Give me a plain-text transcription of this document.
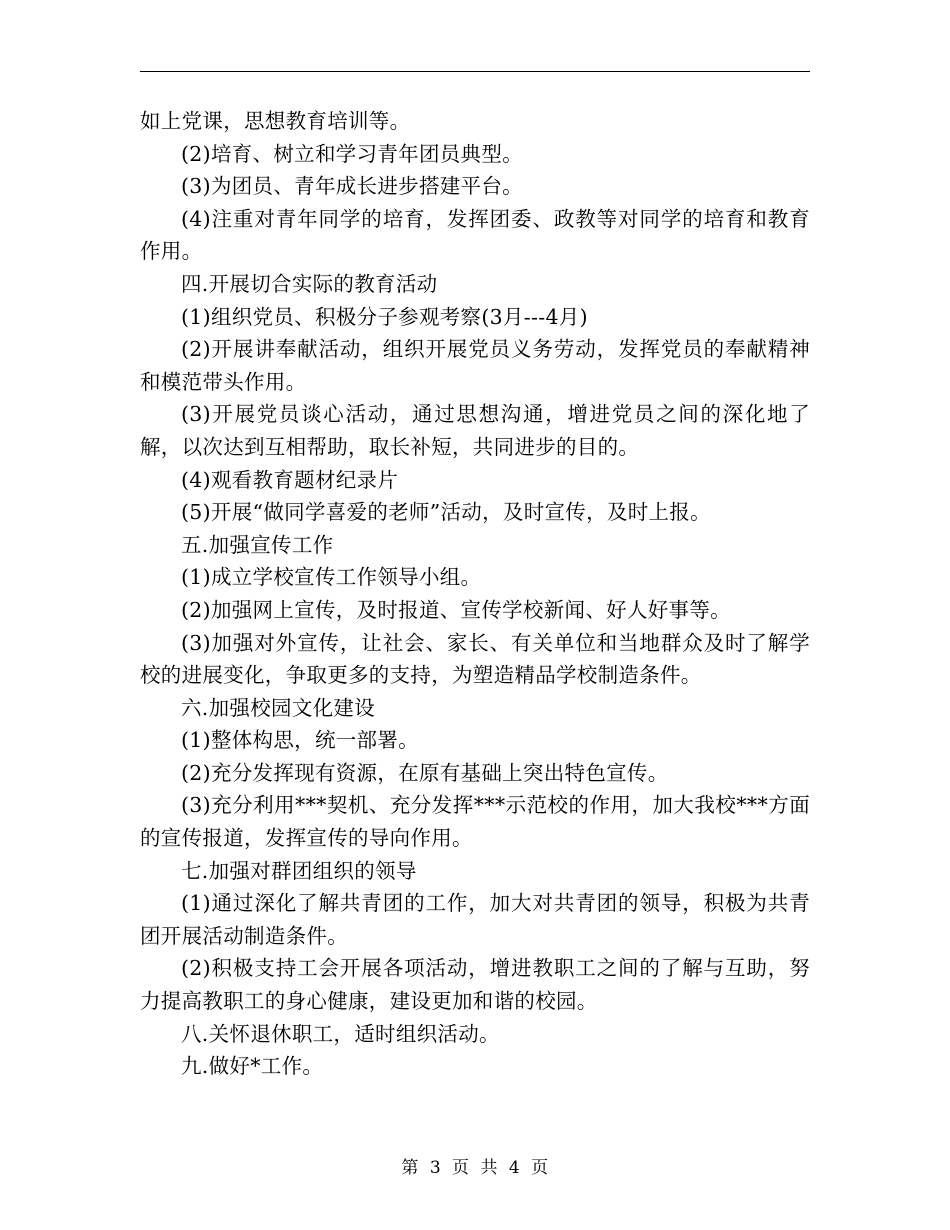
如上党课，思想教育培训等。

(2)培育、树立和学习青年团员典型。

(3)为团员、青年成长进步搭建平台。

(4)注重对青年同学的培育，发挥团委、政教等对同学的培育和教育作用。

四.开展切合实际的教育活动

(1)组织党员、积极分子参观考察(3月---4月)

(2)开展讲奉献活动，组织开展党员义务劳动，发挥党员的奉献精神和模范带头作用。

(3)开展党员谈心活动，通过思想沟通，增进党员之间的深化地了解，以次达到互相帮助，取长补短，共同进步的目的。

(4)观看教育题材纪录片

(5)开展“做同学喜爱的老师”活动，及时宣传，及时上报。

五.加强宣传工作

(1)成立学校宣传工作领导小组。

(2)加强网上宣传，及时报道、宣传学校新闻、好人好事等。

(3)加强对外宣传，让社会、家长、有关单位和当地群众及时了解学校的进展变化，争取更多的支持，为塑造精品学校制造条件。

六.加强校园文化建设

(1)整体构思，统一部署。

(2)充分发挥现有资源，在原有基础上突出特色宣传。

(3)充分利用***契机、充分发挥***示范校的作用，加大我校***方面的宣传报道，发挥宣传的导向作用。

七.加强对群团组织的领导

(1)通过深化了解共青团的工作，加大对共青团的领导，积极为共青团开展活动制造条件。

(2)积极支持工会开展各项活动，增进教职工之间的了解与互助，努力提高教职工的身心健康，建设更加和谐的校园。

八.关怀退休职工，适时组织活动。

九.做好*工作。

第 3 页 共 4 页
